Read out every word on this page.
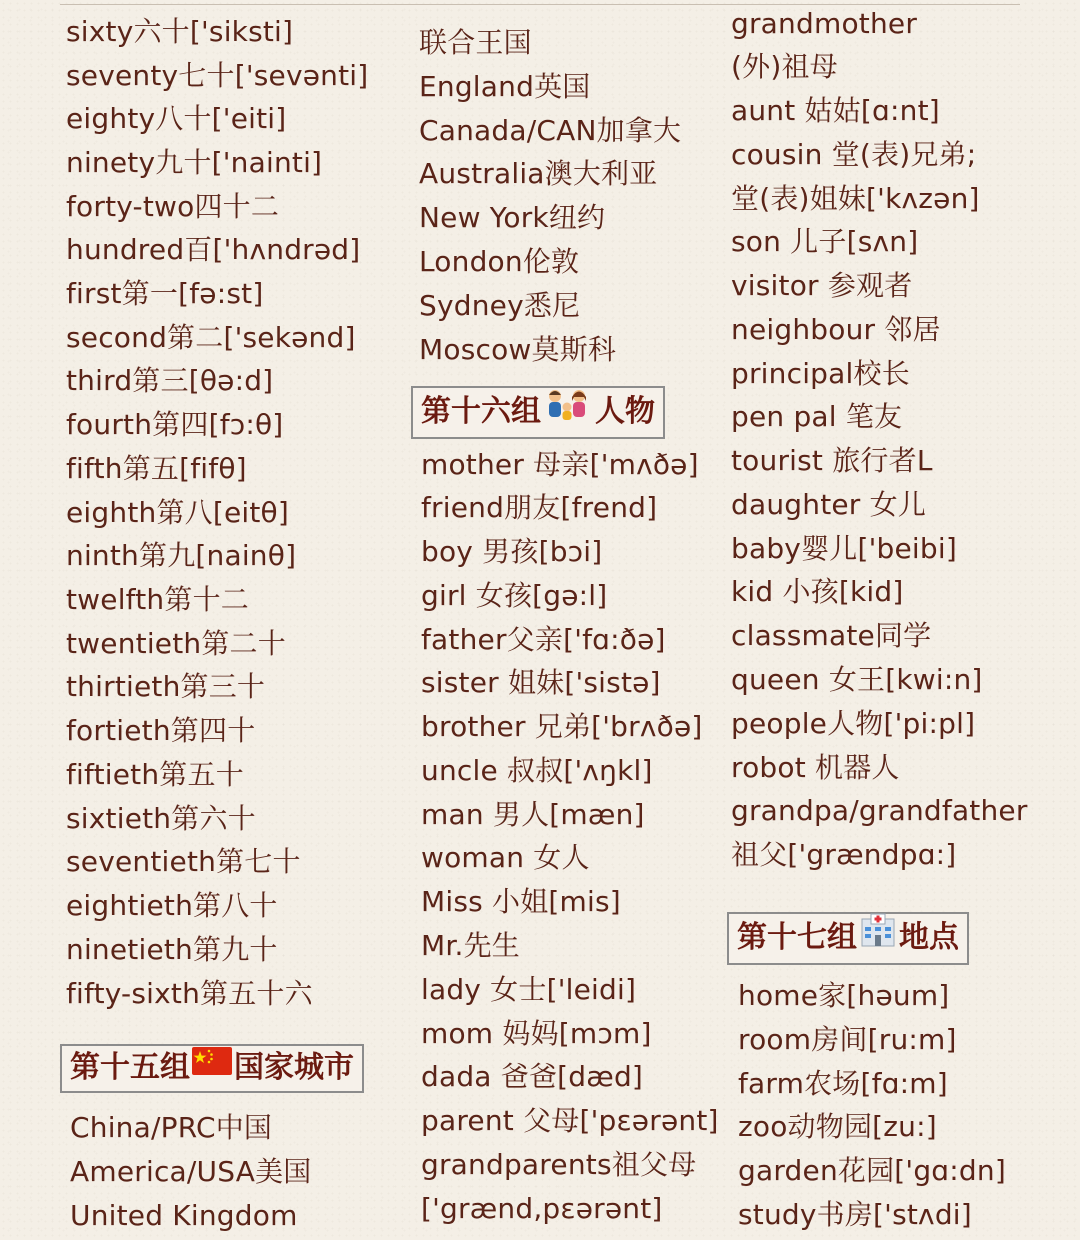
sixty六十['siksti]
seventy七十['sevənti]
eighty八十['eiti]
ninety九十['nainti]
forty-two四十二
hundred百['hʌndrəd]
first第一[fə:st]
second第二['sekənd]
third第三[θə:d]
fourth第四[fɔ:θ]
fifth第五[fifθ]
eighth第八[eitθ]
ninth第九[nainθ]
twelfth第十二
twentieth第二十
thirtieth第三十
fortieth第四十
fiftieth第五十
sixtieth第六十
seventieth第七十
eightieth第八十
ninetieth第九十
fifty-sixth第五十六
第十五组 国家城市
China/PRC中国
America/USA美国
United Kingdom
联合王国
England英国
Canada/CAN加拿大
Australia澳大利亚
New York纽约
London伦敦
Sydney悉尼
Moscow莫斯科
第十六组 人物
mother 母亲['mʌðə]
friend朋友[frend]
boy 男孩[bɔi]
girl 女孩[gə:l]
father父亲['fɑ:ðə]
sister 姐妹['sistə]
brother 兄弟['brʌðə]
uncle 叔叔['ʌŋkl]
man 男人[mæn]
woman 女人
Miss 小姐[mis]
Mr.先生
lady 女士['leidi]
mom 妈妈[mɔm]
dada 爸爸[dæd]
parent 父母['pɛərənt]
grandparents祖父母
['grænd,pɛərənt]
grandmother
(外)祖母
aunt 姑姑[ɑ:nt]
cousin 堂(表)兄弟;
堂(表)姐妹['kʌzən]
son 儿子[sʌn]
visitor 参观者
neighbour 邻居
principal校长
pen pal 笔友
tourist 旅行者L
daughter 女儿
baby婴儿['beibi]
kid 小孩[kid]
classmate同学
queen 女王[kwi:n]
people人物['pi:pl]
robot 机器人
grandpa/grandfather
祖父['grændpɑ:]
第十七组 地点
home家[həum]
room房间[ru:m]
farm农场[fɑ:m]
zoo动物园[zu:]
garden花园['gɑ:dn]
study书房['stʌdi]
